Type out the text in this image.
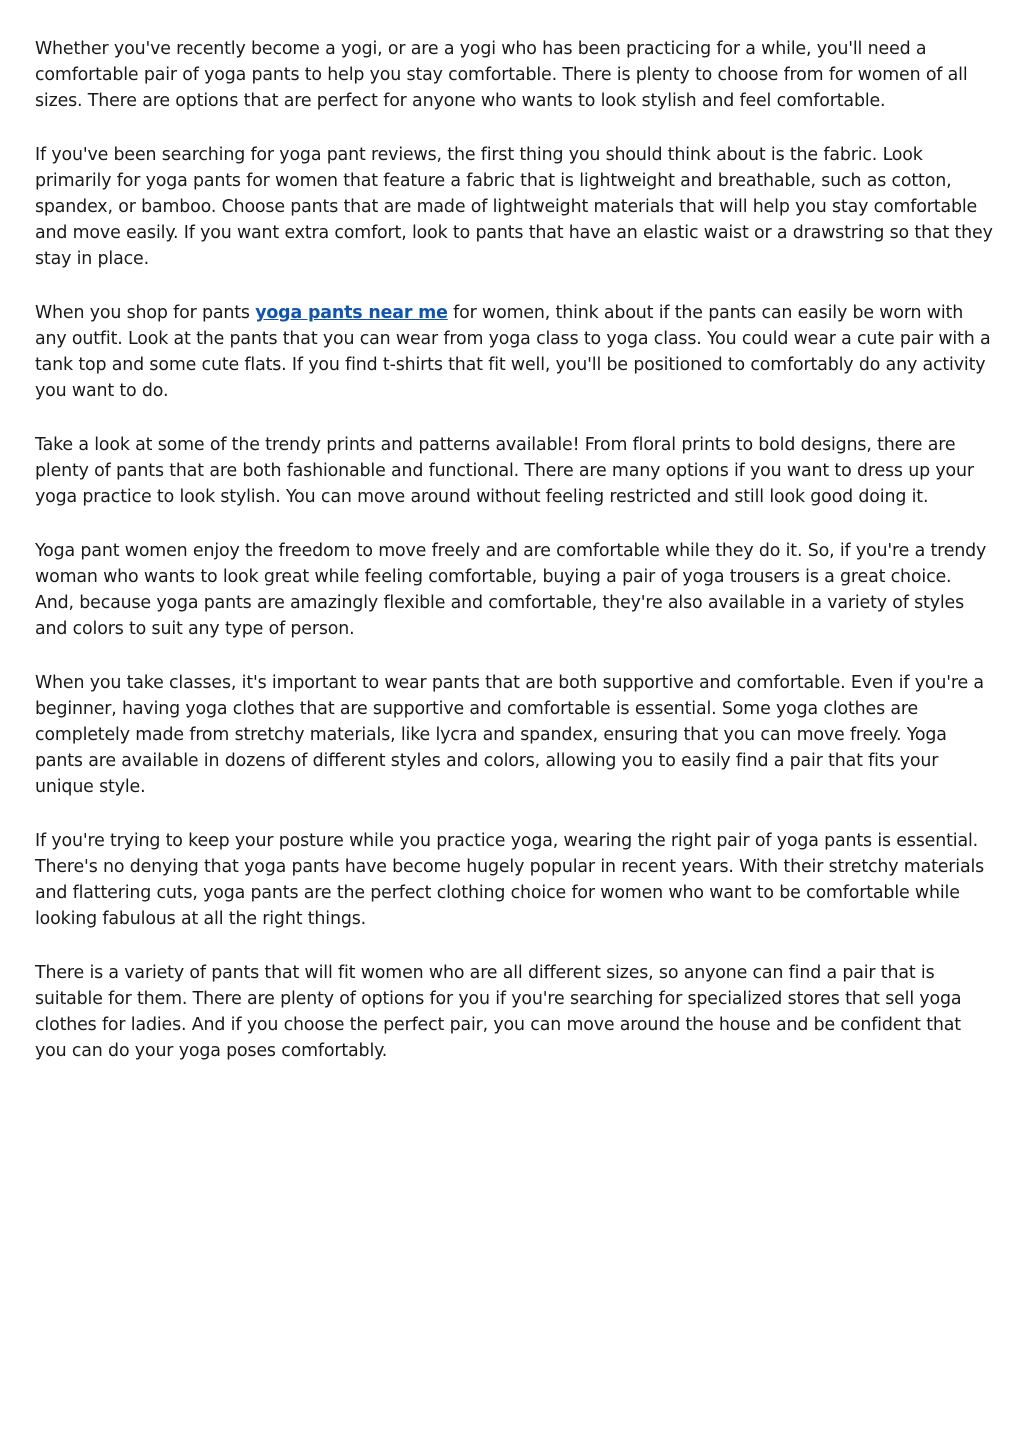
Whether you've recently become a yogi, or are a yogi who has been practicing for a while, you'll need a comfortable pair of yoga pants to help you stay comfortable. There is plenty to choose from for women of all sizes. There are options that are perfect for anyone who wants to look stylish and feel comfortable.

If you've been searching for yoga pant reviews, the first thing you should think about is the fabric. Look primarily for yoga pants for women that feature a fabric that is lightweight and breathable, such as cotton, spandex, or bamboo. Choose pants that are made of lightweight materials that will help you stay comfortable and move easily. If you want extra comfort, look to pants that have an elastic waist or a drawstring so that they stay in place.

When you shop for pants yoga pants near me for women, think about if the pants can easily be worn with any outfit. Look at the pants that you can wear from yoga class to yoga class. You could wear a cute pair with a tank top and some cute flats. If you find t-shirts that fit well, you'll be positioned to comfortably do any activity you want to do.

Take a look at some of the trendy prints and patterns available! From floral prints to bold designs, there are plenty of pants that are both fashionable and functional. There are many options if you want to dress up your yoga practice to look stylish. You can move around without feeling restricted and still look good doing it.

Yoga pant women enjoy the freedom to move freely and are comfortable while they do it. So, if you're a trendy woman who wants to look great while feeling comfortable, buying a pair of yoga trousers is a great choice. And, because yoga pants are amazingly flexible and comfortable, they're also available in a variety of styles and colors to suit any type of person.

When you take classes, it's important to wear pants that are both supportive and comfortable. Even if you're a beginner, having yoga clothes that are supportive and comfortable is essential. Some yoga clothes are completely made from stretchy materials, like lycra and spandex, ensuring that you can move freely. Yoga pants are available in dozens of different styles and colors, allowing you to easily find a pair that fits your unique style.

If you're trying to keep your posture while you practice yoga, wearing the right pair of yoga pants is essential. There's no denying that yoga pants have become hugely popular in recent years. With their stretchy materials and flattering cuts, yoga pants are the perfect clothing choice for women who want to be comfortable while looking fabulous at all the right things.

There is a variety of pants that will fit women who are all different sizes, so anyone can find a pair that is suitable for them. There are plenty of options for you if you're searching for specialized stores that sell yoga clothes for ladies. And if you choose the perfect pair, you can move around the house and be confident that you can do your yoga poses comfortably.
